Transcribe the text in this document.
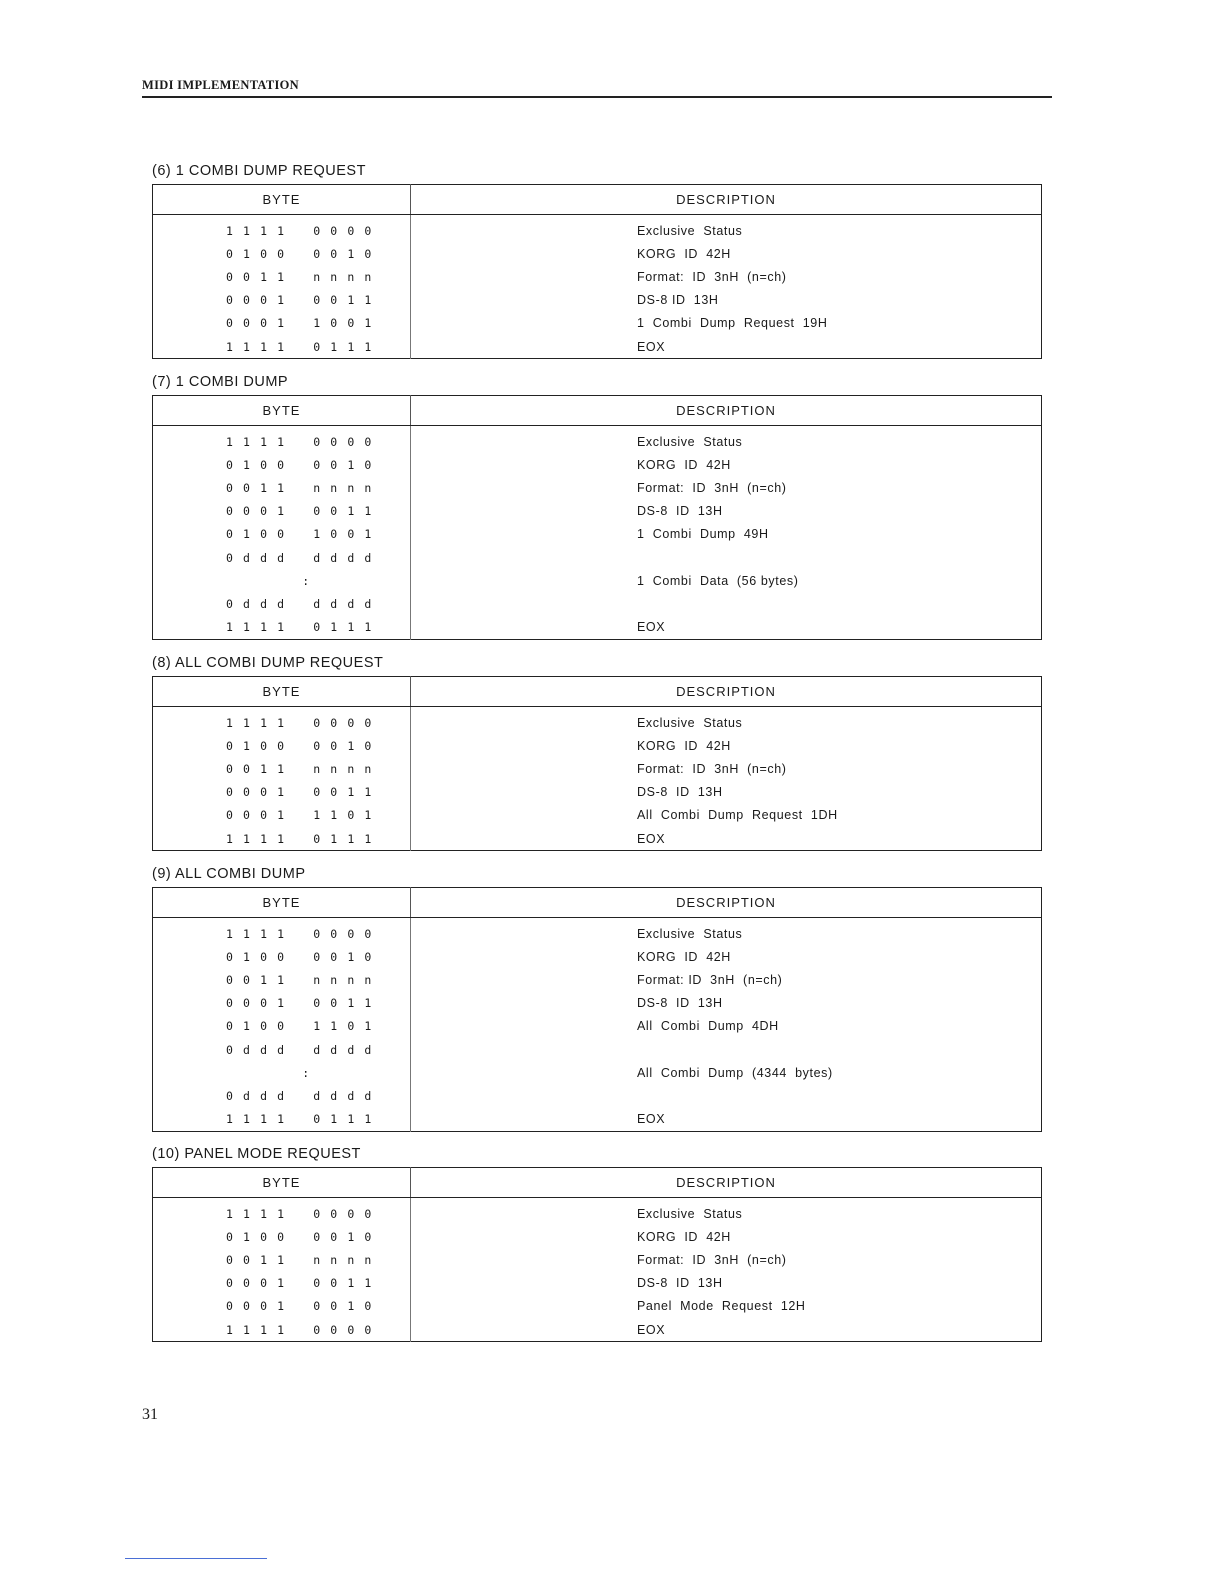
MIDI IMPLEMENTATION
(6) 1 COMBI DUMP REQUEST
BYTE	DESCRIPTION
1 1 1 1   0 0 0 0	Exclusive  Status
0 1 0 0   0 0 1 0	KORG  ID  42H
0 0 1 1   n n n n	Format:  ID  3nH  (n=ch)
0 0 0 1   0 0 1 1	DS-8 ID  13H
0 0 0 1   1 0 0 1	1  Combi  Dump  Request  19H
1 1 1 1   0 1 1 1	EOX
(7) 1 COMBI DUMP
BYTE	DESCRIPTION
1 1 1 1   0 0 0 0	Exclusive  Status
0 1 0 0   0 0 1 0	KORG  ID  42H
0 0 1 1   n n n n	Format:  ID  3nH  (n=ch)
0 0 0 1   0 0 1 1	DS-8  ID  13H
0 1 0 0   1 0 0 1	1  Combi  Dump  49H
0 d d d   d d d d	
:	1  Combi  Data  (56 bytes)
0 d d d   d d d d	
1 1 1 1   0 1 1 1	EOX
(8) ALL COMBI DUMP REQUEST
BYTE	DESCRIPTION
1 1 1 1   0 0 0 0	Exclusive  Status
0 1 0 0   0 0 1 0	KORG  ID  42H
0 0 1 1   n n n n	Format:  ID  3nH  (n=ch)
0 0 0 1   0 0 1 1	DS-8  ID  13H
0 0 0 1   1 1 0 1	All  Combi  Dump  Request  1DH
1 1 1 1   0 1 1 1	EOX
(9) ALL COMBI DUMP
BYTE	DESCRIPTION
1 1 1 1   0 0 0 0	Exclusive  Status
0 1 0 0   0 0 1 0	KORG  ID  42H
0 0 1 1   n n n n	Format: ID  3nH  (n=ch)
0 0 0 1   0 0 1 1	DS-8  ID  13H
0 1 0 0   1 1 0 1	All  Combi  Dump  4DH
0 d d d   d d d d	
:	All  Combi  Dump  (4344  bytes)
0 d d d   d d d d	
1 1 1 1   0 1 1 1	EOX
(10) PANEL MODE REQUEST
BYTE	DESCRIPTION
1 1 1 1   0 0 0 0	Exclusive  Status
0 1 0 0   0 0 1 0	KORG  ID  42H
0 0 1 1   n n n n	Format:  ID  3nH  (n=ch)
0 0 0 1   0 0 1 1	DS-8  ID  13H
0 0 0 1   0 0 1 0	Panel  Mode  Request  12H
1 1 1 1   0 0 0 0	EOX
31
